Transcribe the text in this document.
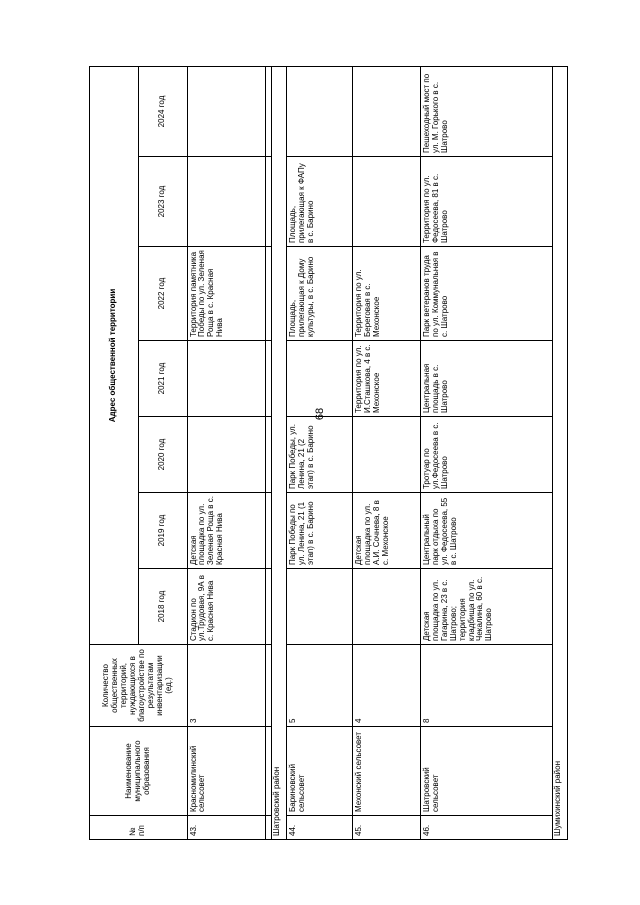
68
№ п/п	Наименование муниципального образования	Количество общественных территорий, нуждающихся в благоустройстве по результатам инвентаризации (ед.)	Адрес общественной территории						
			2018 год	2019 год	2020 год	2021 год	2022 год	2023 год	2024 год
43.	Красномилинский сельсовет	3	Стадион по ул.Трудовая, 9А в с. Красная Нива	Детская площадка по ул. Зеленая Роща в с. Красная Нива			Территория памятника Победы по ул. Зеленая Роща в с. Красная Нива		

Шатровский район									
44.	Бариновский сельсовет	5		Парк Победы по ул. Ленина, 21 (1 этап) в с. Барино	Парк Победы, ул. Ленина, 21 (2 этап) в с. Барино		Площадь, прилегающая к Дому культуры, в с. Барино	Площадь, прилегающая к ФАПу в с. Барино	
45.	Мехонский сельсовет	4		Детская площадка по ул. А.И. Сочнева, 8 в с. Мехонское		Территория по ул. И.Сташкова, 4 в с. Мехонское	Территория по ул. Береговая в с. Мехонское		
46.	Шатровский сельсовет	8	Детская площадка по ул. Гагарина, 23 в с. Шатрово; территория кладбища по ул. Чекалина, 60 в с. Шатрово	Центральный парк отдыха по ул. Федосеева, 55 в с. Шатрово	Тротуар по ул.Федосеева в с. Шатрово	Центральная площадь в с. Шатрово	Парк ветеранов труда по ул. Коммунальная в с. Шатрово	Территория по ул. Федосеева, 81 в с. Шатрово	Пешеходный мост по ул. М. Горького в с. Шатрово
Шумихинский район									
